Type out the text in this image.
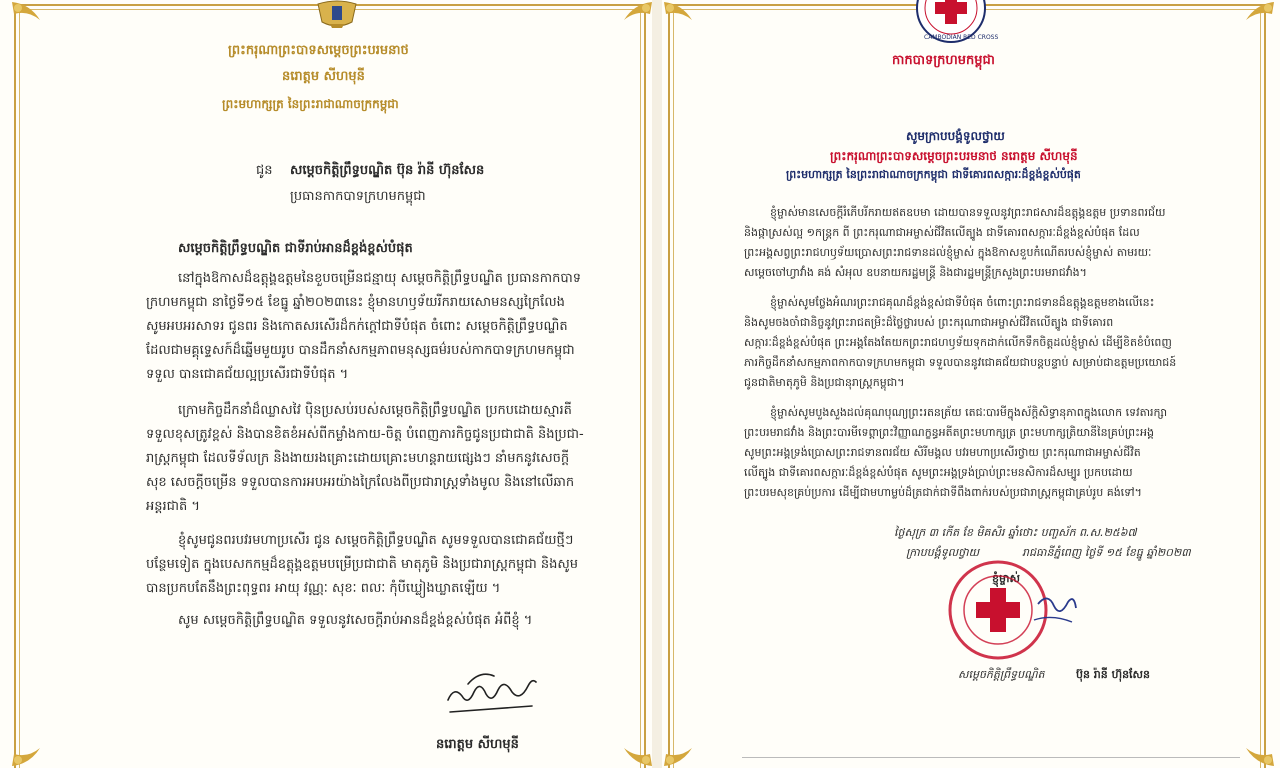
ព្រះករុណាព្រះបាទសម្តេចព្រះបរមនាថ
នរោត្តម សីហមុនី
ព្រះមហាក្សត្រ នៃព្រះរាជាណាចក្រកម្ពុជា
ជូន សម្តេចកិត្តិព្រឹទ្ធបណ្ឌិត ប៊ុន រ៉ានី ហ៊ុនសែន
ប្រធានកាកបាទក្រហមកម្ពុជា
សម្តេចកិត្តិព្រឹទ្ធបណ្ឌិត ជាទីរាប់អានដ៏ខ្ពង់ខ្ពស់បំផុត
នៅក្នុងឱកាសដ៏ឧត្តុង្គឧត្តមនៃខួបចម្រើនជន្មាយុ សម្តេចកិត្តិព្រឹទ្ធបណ្ឌិត ប្រធានកាកបាទ
ក្រហមកម្ពុជា នាថ្ងៃទី១៥ ខែធ្នូ ឆ្នាំ២០២៣នេះ ខ្ញុំមានហឫទ័យរីករាយសោមនស្សក្រៃលែង
សូមអបអរសាទរ ជូនពរ និងកោតសរសើរដ៏កក់ក្តៅជាទីបំផុត ចំពោះ សម្តេចកិត្តិព្រឹទ្ធបណ្ឌិត
ដែលជាមគ្គុទ្ទេសក៍ដ៏ឆ្នើមមួយរូប បានដឹកនាំសកម្មភាពមនុស្សធម៌របស់កាកបាទក្រហមកម្ពុជា
ទទួល បានជោគជ័យល្អប្រសើរជាទីបំផុត ។
ក្រោមកិច្ចដឹកនាំដ៏ឈ្លាសវៃ ប៉ិនប្រសប់របស់សម្តេចកិត្តិព្រឹទ្ធបណ្ឌិត ប្រកបដោយស្មារតី
ទទួលខុសត្រូវខ្ពស់ និងបានខិតខំអស់ពីកម្លាំងកាយ-ចិត្ត បំពេញភារកិច្ចជូនប្រជាជាតិ និងប្រជា-
រាស្ត្រកម្ពុជា ដែលទីទ័លក្រ និងងាយរងគ្រោះដោយគ្រោះមហន្តរាយផ្សេងៗ នាំមកនូវសេចក្តី
សុខ សេចក្តីចម្រើន ទទួលបានការអបអរយ៉ាងក្រៃលែងពីប្រជារាស្ត្រទាំងមូល និងនៅលើឆាក
អន្តរជាតិ ។
ខ្ញុំសូមជូនពរបវរមហាប្រសើរ ជូន សម្តេចកិត្តិព្រឹទ្ធបណ្ឌិត សូមទទួលបានជោគជ័យថ្មីៗ
បន្ថែមទៀត ក្នុងបេសកកម្មដ៏ឧត្តុង្គឧត្តមបម្រើប្រជាជាតិ មាតុភូមិ និងប្រជារាស្ត្រកម្ពុជា និងសូម
បានប្រកបតែនឹងព្រះពុទ្ធពរ អាយុ វណ្ណៈ សុខៈ ពលៈ កុំបីឃ្លៀងឃ្លាតឡើយ ។
សូម សម្តេចកិត្តិព្រឹទ្ធបណ្ឌិត ទទួលនូវសេចក្តីរាប់អានដ៏ខ្ពង់ខ្ពស់បំផុត អំពីខ្ញុំ ។
នរោត្តម សីហមុនី
CAMBODIAN RED CROSS
កាកបាទក្រហមកម្ពុជា
សូមក្រាបបង្គំទូលថ្វាយ
ព្រះករុណាព្រះបាទសម្តេចព្រះបរមនាថ នរោត្តម សីហមុនី
ព្រះមហាក្សត្រ នៃព្រះរាជាណាចក្រកម្ពុជា ជាទីគោរពសក្ការៈដ៏ខ្ពង់ខ្ពស់បំផុត
ខ្ញុំម្ចាស់មានសេចក្តីរំភើបរីករាយឥតឧបមា ដោយបានទទួលនូវព្រះរាជសារដ៏ឧត្តុង្គឧត្តម ប្រទានពរជ័យ
និងផ្កាស្រស់ល្អ ១កន្ត្រក ពី ព្រះករុណាជាអម្ចាស់ជីវិតលើត្បូង ជាទីគោរពសក្ការៈដ៏ខ្ពង់ខ្ពស់បំផុត ដែល
ព្រះអង្គសព្វព្រះរាជហឫទ័យប្រោសព្រះរាជទានដល់ខ្ញុំម្ចាស់ ក្នុងឱកាសខួបកំណើតរបស់ខ្ញុំម្ចាស់ តាមរយៈ
សម្តេចចៅហ្វាវាំង គង់ សំអុល ឧបនាយករដ្ឋមន្ត្រី និងជារដ្ឋមន្ត្រីក្រសួងព្រះបរមរាជវាំង។
ខ្ញុំម្ចាស់សូមថ្លែងអំណរព្រះរាជគុណដ៏ខ្ពង់ខ្ពស់ជាទីបំផុត ចំពោះព្រះរាជទានដ៏ឧត្តុង្គឧត្តមខាងលើនេះ
និងសូមចងចាំជានិច្ចនូវព្រះរាជតម្រិះដ៏ថ្លៃថ្លារបស់ ព្រះករុណាជាអម្ចាស់ជីវិតលើត្បូង ជាទីគោរព
សក្ការៈដ៏ខ្ពង់ខ្ពស់បំផុត ព្រះអង្គតែងតែយកព្រះរាជហឫទ័យទុកដាក់លើកទឹកចិត្តដល់ខ្ញុំម្ចាស់ ដើម្បីខិតខំបំពេញ
ភារកិច្ចដឹកនាំសកម្មភាពកាកបាទក្រហមកម្ពុជា ទទួលបាននូវជោគជ័យជាបន្តបន្ទាប់ សម្រាប់ជាឧត្តមប្រយោជន៍
ជូនជាតិមាតុភូមិ និងប្រជានុរាស្ត្រកម្ពុជា។
ខ្ញុំម្ចាស់សូមបួងសួងដល់គុណបុណ្យព្រះរតនត្រ័យ តេជៈបារមីក្នុងស័ក្តិសិទ្ធានុភាពក្នុងលោក ទេវតារក្សា
ព្រះបរមរាជវាំង និងព្រះបារមីទេព្តាព្រះវិញ្ញាណក្ខន្ធអតីតព្រះមហាក្សត្រ ព្រះមហាក្សត្រិយានីនៃគ្រប់ព្រះអង្គ
សូមព្រះអង្គទ្រង់ប្រោសព្រះរាជទានពរជ័យ សិរីមង្គល បវរមហាប្រសើរថ្វាយ ព្រះករុណាជាអម្ចាស់ជីវិត
លើត្បូង ជាទីគោរពសក្ការៈដ៏ខ្ពង់ខ្ពស់បំផុត សូមព្រះអង្គទ្រង់ប្រាប់ព្រះមនសិការដ៏សម្បូរ ប្រកបដោយ
ព្រះបរមសុខគ្រប់ប្រការ ដើម្បីជាមហាម្លប់ដ៏ត្រជាក់ជាទីពឹងពាក់របស់ប្រជារាស្ត្រកម្ពុជាគ្រប់រូប គង់ទៅ។
ថ្ងៃសុក្រ ៣ កើត ខែ មិគសិរ ឆ្នាំថោះ បញ្ចស័ក ព.ស.២៥៦៧
ក្រាបបង្គំទូលថ្វាយ	រាជធានីភ្នំពេញ ថ្ងៃទី ១៥ ខែធ្នូ ឆ្នាំ២០២៣
ខ្ញុំម្ចាស់
សម្តេចកិត្តិព្រឹទ្ធបណ្ឌិត	ប៊ុន រ៉ានី ហ៊ុនសែន
